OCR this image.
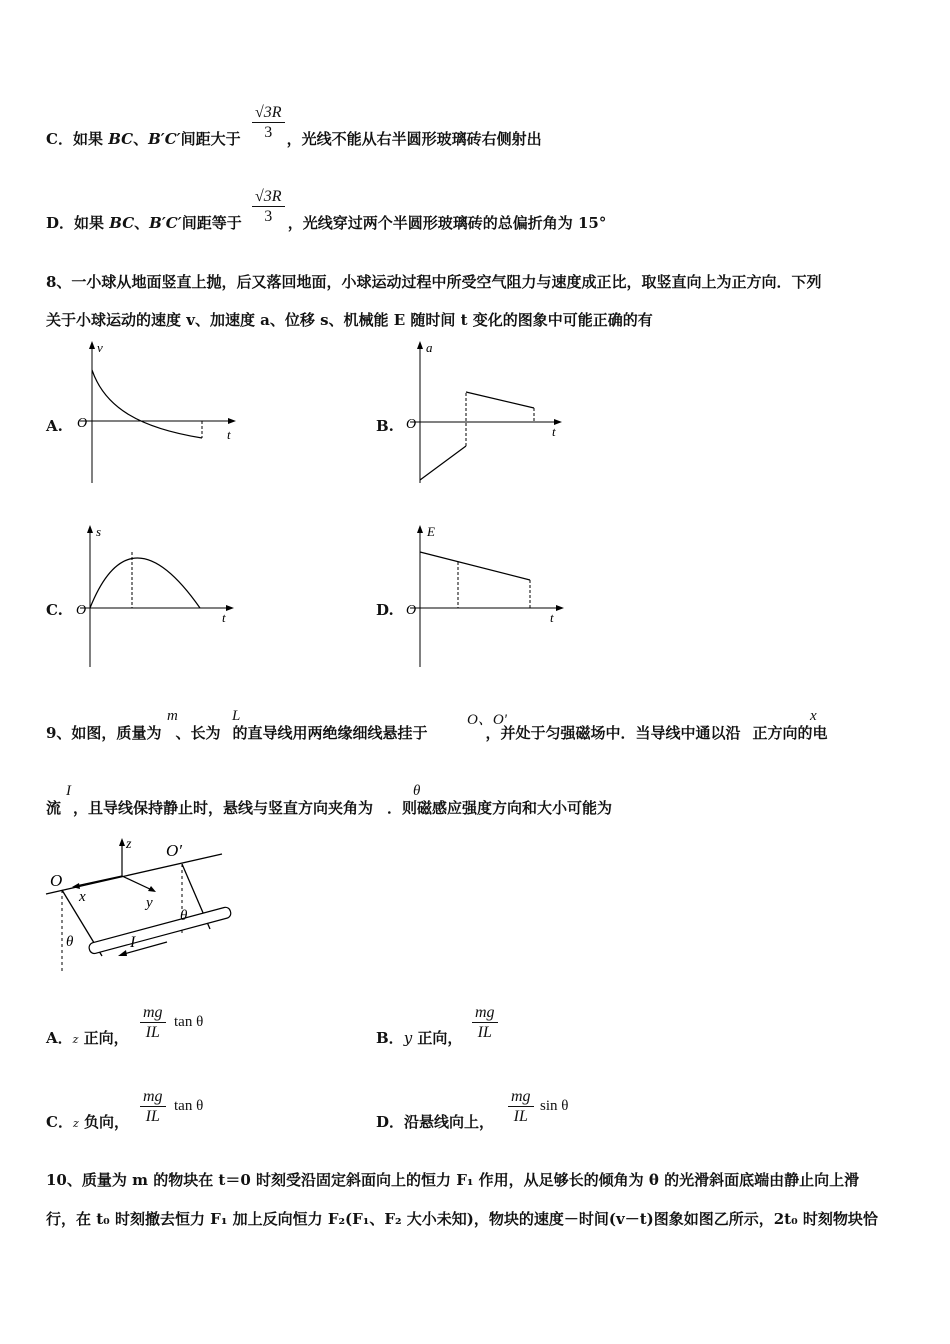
C．如果 BC、B′C′间距大于	，光线不能从右半圆形玻璃砖右侧射出
$\frac{√3R}{3}$
D．如果 BC、B′C′间距等于	，光线穿过两个半圆形玻璃砖的总偏折角为 15°
$\frac{√3R}{3}$
8、一小球从地面竖直上抛，后又落回地面，小球运动过程中所受空气阻力与速度成正比，取竖直向上为正方向．下列
关于小球运动的速度 v、加速度 a、位移 s、机械能 E 随时间 t 变化的图象中可能正确的有
A.
v
t
O	B.
a
t
O
C.
s
t
O	D.
E
t
O
9、如图，质量为 、长为 的直导线用两绝缘细线悬挂于	，并处于匀强磁场中．当导线中通以沿 正方向的电
m	L	O、O'	x
流 ，且导线保持静止时，悬线与竖直方向夹角为 ．则磁感应强度方向和大小可能为
I	θ
O
O′
z
x	y
θ
θ
I
A．z 正向， $\frac{mg}{IL}$ tan θ
B．y 正向， $\frac{mg}{IL}$
C．z 负向， $\frac{mg}{IL}$ tan θ
D．沿悬线向上， $\frac{mg}{IL}$ sin θ
10、质量为 m 的物块在 t＝0 时刻受沿固定斜面向上的恒力 F₁ 作用，从足够长的倾角为 θ 的光滑斜面底端由静止向上滑
行，在 t₀ 时刻撤去恒力 F₁ 加上反向恒力 F₂(F₁、F₂ 大小未知)，物块的速度－时间(v－t)图象如图乙所示，2t₀ 时刻物块恰
